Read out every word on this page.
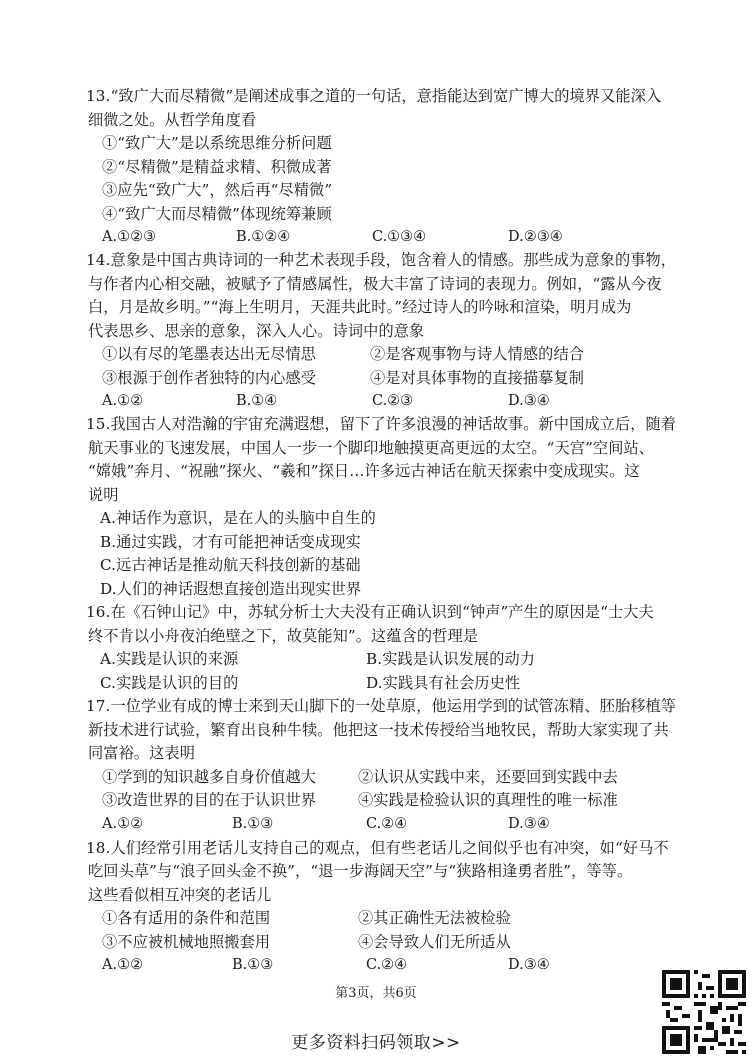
13.“致广大而尽精微”是阐述成事之道的一句话，意指能达到宽广博大的境界又能深入
细微之处。从哲学角度看
①“致广大”是以系统思维分析问题
②“尽精微”是精益求精、积微成著
③应先“致广大”，然后再“尽精微”
④“致广大而尽精微”体现统筹兼顾
A.①②③	B.①②④	C.①③④	D.②③④
14.意象是中国古典诗词的一种艺术表现手段，饱含着人的情感。那些成为意象的事物，
与作者内心相交融，被赋予了情感属性，极大丰富了诗词的表现力。例如，“露从今夜
白，月是故乡明。”“海上生明月，天涯共此时。”经过诗人的吟咏和渲染，明月成为
代表思乡、思亲的意象，深入人心。诗词中的意象
①以有尽的笔墨表达出无尽情思	②是客观事物与诗人情感的结合
③根源于创作者独特的内心感受	④是对具体事物的直接描摹复制
A.①②	B.①④	C.②③	D.③④
15.我国古人对浩瀚的宇宙充满遐想，留下了许多浪漫的神话故事。新中国成立后，随着
航天事业的飞速发展，中国人一步一个脚印地触摸更高更远的太空。“天宫”空间站、
“嫦娥”奔月、“祝融”探火、“羲和”探日…许多远古神话在航天探索中变成现实。这
说明
A.神话作为意识，是在人的头脑中自生的
B.通过实践，才有可能把神话变成现实
C.远古神话是推动航天科技创新的基础
D.人们的神话遐想直接创造出现实世界
16.在《石钟山记》中，苏轼分析士大夫没有正确认识到“钟声”产生的原因是“士大夫
终不肯以小舟夜泊绝壁之下，故莫能知”。这蕴含的哲理是
A.实践是认识的来源	B.实践是认识发展的动力
C.实践是认识的目的	D.实践具有社会历史性
17.一位学业有成的博士来到天山脚下的一处草原，他运用学到的试管冻精、胚胎移植等
新技术进行试验，繁育出良种牛犊。他把这一技术传授给当地牧民，帮助大家实现了共
同富裕。这表明
①学到的知识越多自身价值越大	②认识从实践中来，还要回到实践中去
③改造世界的目的在于认识世界	④实践是检验认识的真理性的唯一标准
A.①②	B.①③	C.②④	D.③④
18.人们经常引用老话儿支持自己的观点，但有些老话儿之间似乎也有冲突，如“好马不
吃回头草”与“浪子回头金不换”，“退一步海阔天空”与“狭路相逢勇者胜”，等等。
这些看似相互冲突的老话儿
①各有适用的条件和范围	②其正确性无法被检验
③不应被机械地照搬套用	④会导致人们无所适从
A.①②	B.①③	C.②④	D.③④
第3页，共6页
更多资料扫码领取>>
